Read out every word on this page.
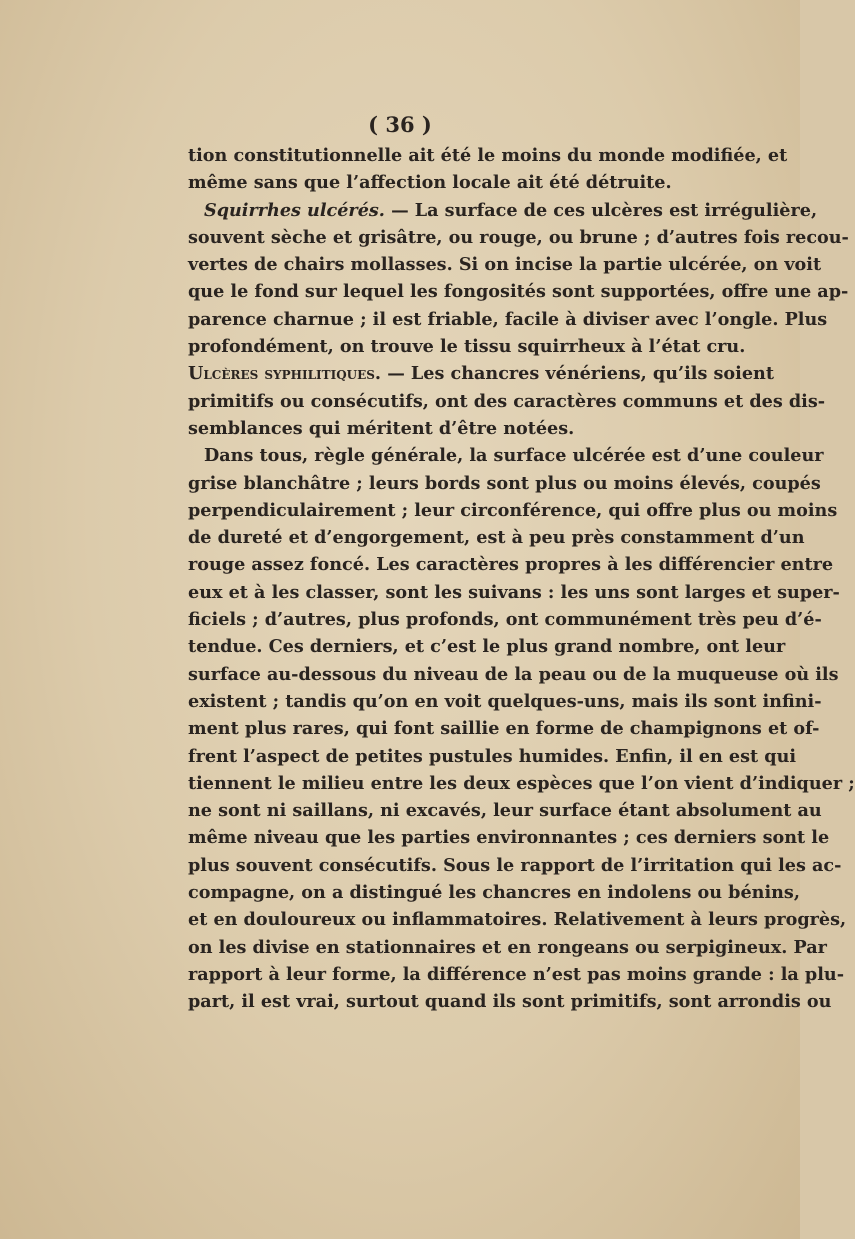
( 36 )
tion constitutionnelle ait été le moins du monde modifiée, et
même sans que l’affection locale ait été détruite.
Squirrhes ulcérés. — La surface de ces ulcères est irrégulière,
souvent sèche et grisâtre, ou rouge, ou brune ; d’autres fois recou-
vertes de chairs mollasses. Si on incise la partie ulcérée, on voit
que le fond sur lequel les fongosités sont supportées, offre une ap-
parence charnue ; il est friable, facile à diviser avec l’ongle. Plus
profondément, on trouve le tissu squirrheux à l’état cru.
Ulcères syphilitiques. — Les chancres vénériens, qu’ils soient
primitifs ou consécutifs, ont des caractères communs et des dis-
semblances qui méritent d’être notées.
Dans tous, règle générale, la surface ulcérée est d’une couleur
grise blanchâtre ; leurs bords sont plus ou moins élevés, coupés
perpendiculairement ; leur circonférence, qui offre plus ou moins
de dureté et d’engorgement, est à peu près constamment d’un
rouge assez foncé. Les caractères propres à les différencier entre
eux et à les classer, sont les suivans : les uns sont larges et super-
ficiels ; d’autres, plus profonds, ont communément très peu d’é-
tendue. Ces derniers, et c’est le plus grand nombre, ont leur
surface au-dessous du niveau de la peau ou de la muqueuse où ils
existent ; tandis qu’on en voit quelques-uns, mais ils sont infini-
ment plus rares, qui font saillie en forme de champignons et of-
frent l’aspect de petites pustules humides. Enfin, il en est qui
tiennent le milieu entre les deux espèces que l’on vient d’indiquer ;
ne sont ni saillans, ni excavés, leur surface étant absolument au
même niveau que les parties environnantes ; ces derniers sont le
plus souvent consécutifs. Sous le rapport de l’irritation qui les ac-
compagne, on a distingué les chancres en indolens ou bénins,
et en douloureux ou inflammatoires. Relativement à leurs progrès,
on les divise en stationnaires et en rongeans ou serpigineux. Par
rapport à leur forme, la différence n’est pas moins grande : la plu-
part, il est vrai, surtout quand ils sont primitifs, sont arrondis ou
